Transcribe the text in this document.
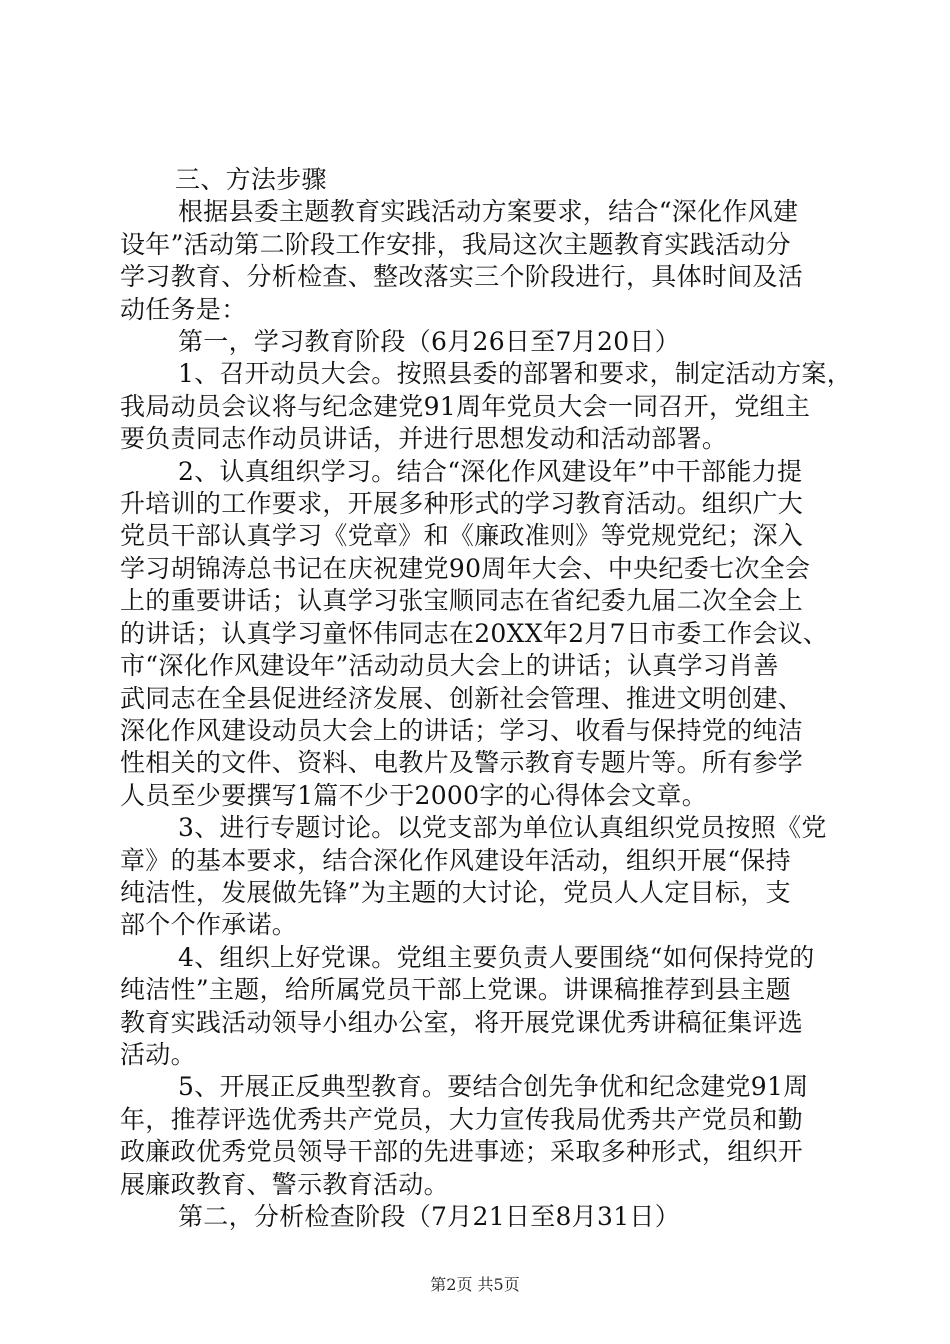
三、方法步骤
根据县委主题教育实践活动方案要求，结合“深化作风建
设年”活动第二阶段工作安排，我局这次主题教育实践活动分
学习教育、分析检查、整改落实三个阶段进行，具体时间及活
动任务是：
第一，学习教育阶段（6月26日至7月20日）
1、召开动员大会。按照县委的部署和要求，制定活动方案，
我局动员会议将与纪念建党91周年党员大会一同召开，党组主
要负责同志作动员讲话，并进行思想发动和活动部署。
2、认真组织学习。结合“深化作风建设年”中干部能力提
升培训的工作要求，开展多种形式的学习教育活动。组织广大
党员干部认真学习《党章》和《廉政准则》等党规党纪；深入
学习胡锦涛总书记在庆祝建党90周年大会、中央纪委七次全会
上的重要讲话；认真学习张宝顺同志在省纪委九届二次全会上
的讲话；认真学习童怀伟同志在20XX年2月7日市委工作会议、
市“深化作风建设年”活动动员大会上的讲话；认真学习肖善
武同志在全县促进经济发展、创新社会管理、推进文明创建、
深化作风建设动员大会上的讲话；学习、收看与保持党的纯洁
性相关的文件、资料、电教片及警示教育专题片等。所有参学
人员至少要撰写1篇不少于2000字的心得体会文章。
3、进行专题讨论。以党支部为单位认真组织党员按照《党
章》的基本要求，结合深化作风建设年活动，组织开展“保持
纯洁性，发展做先锋”为主题的大讨论，党员人人定目标，支
部个个作承诺。
4、组织上好党课。党组主要负责人要围绕“如何保持党的
纯洁性”主题，给所属党员干部上党课。讲课稿推荐到县主题
教育实践活动领导小组办公室，将开展党课优秀讲稿征集评选
活动。
5、开展正反典型教育。要结合创先争优和纪念建党91周
年，推荐评选优秀共产党员，大力宣传我局优秀共产党员和勤
政廉政优秀党员领导干部的先进事迹；采取多种形式，组织开
展廉政教育、警示教育活动。
第二，分析检查阶段（7月21日至8月31日）
第2页 共5页
